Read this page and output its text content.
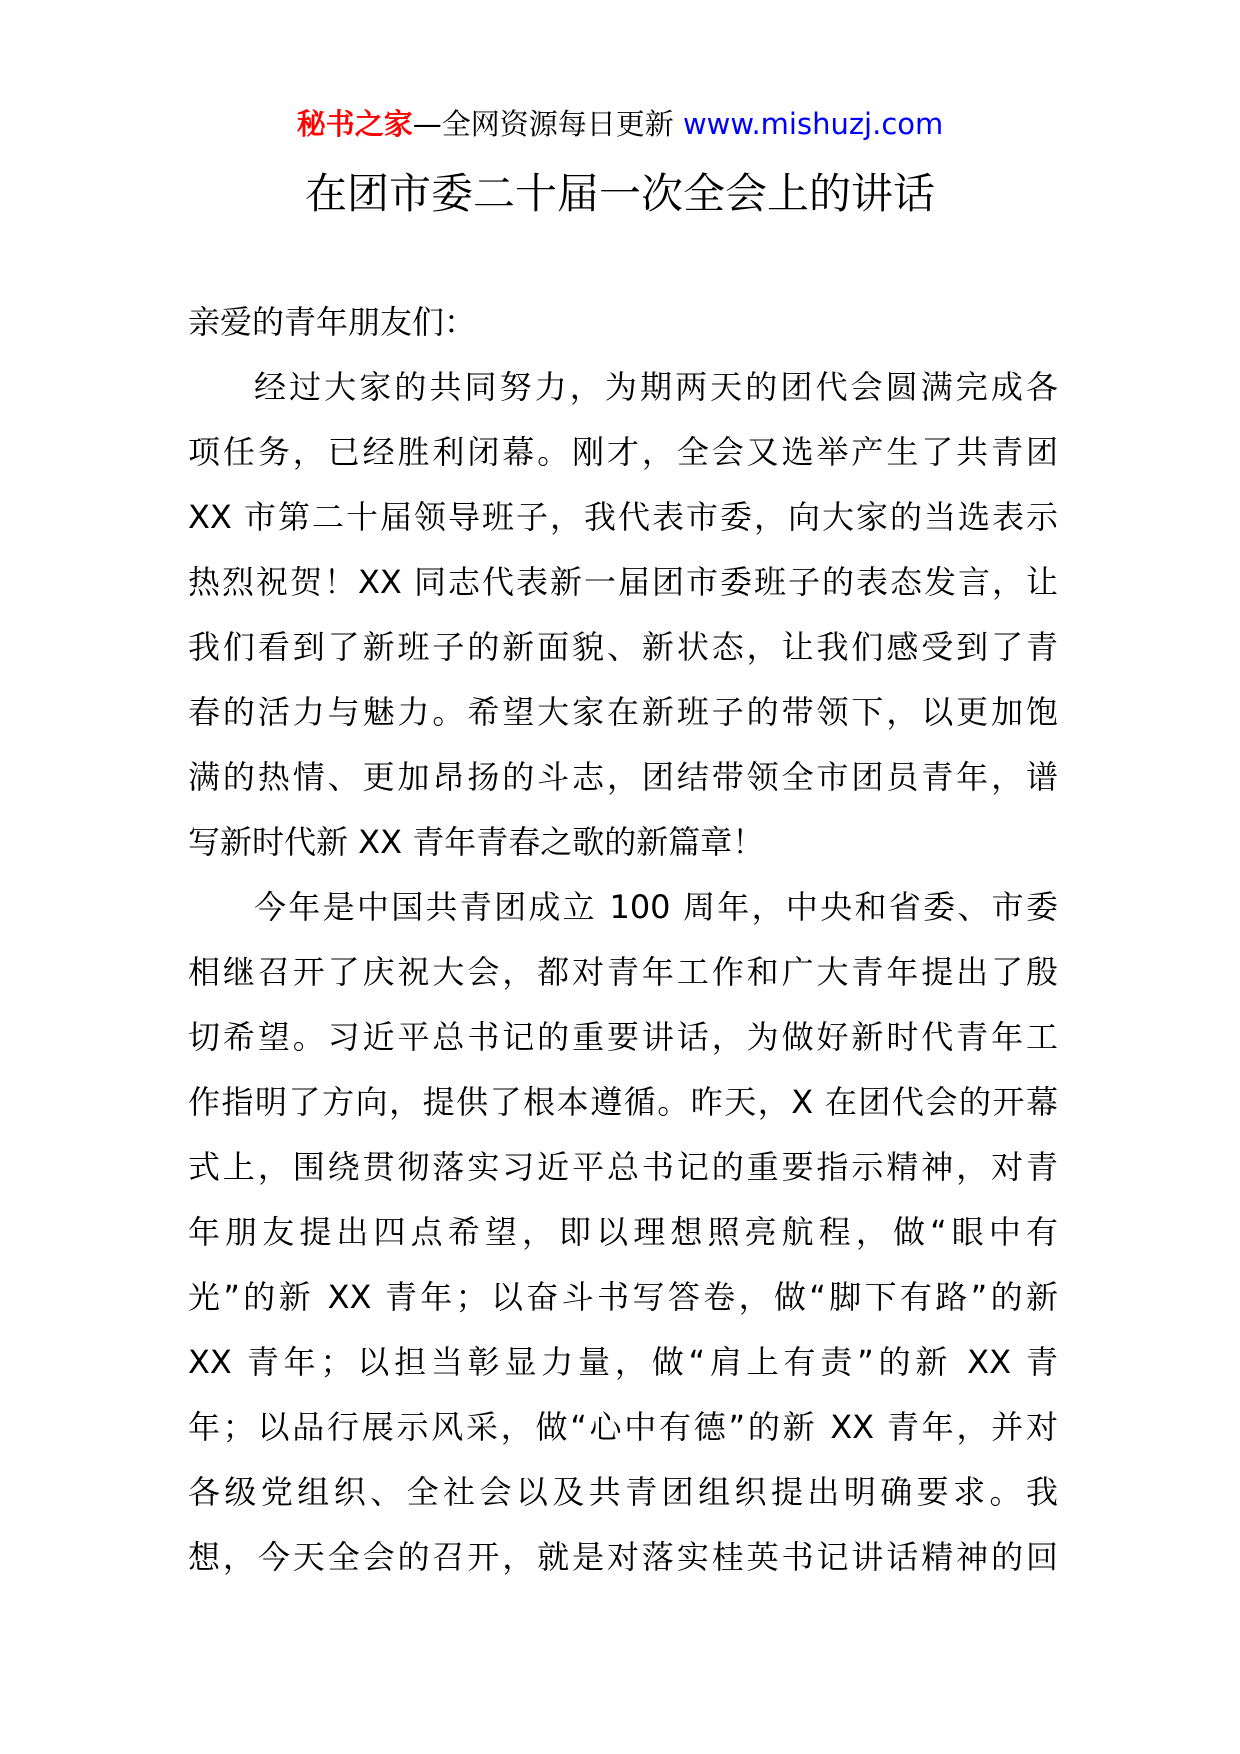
秘书之家—全网资源每日更新 www.mishuzj.com
在团市委二十届一次全会上的讲话
亲爱的青年朋友们：
经过大家的共同努力，为期两天的团代会圆满完成各
项任务，已经胜利闭幕。刚才，全会又选举产生了共青团
XX 市第二十届领导班子，我代表市委，向大家的当选表示
热烈祝贺！XX 同志代表新一届团市委班子的表态发言，让
我们看到了新班子的新面貌、新状态，让我们感受到了青
春的活力与魅力。希望大家在新班子的带领下，以更加饱
满的热情、更加昂扬的斗志，团结带领全市团员青年，谱
写新时代新 XX 青年青春之歌的新篇章！
今年是中国共青团成立 100 周年，中央和省委、市委
相继召开了庆祝大会，都对青年工作和广大青年提出了殷
切希望。习近平总书记的重要讲话，为做好新时代青年工
作指明了方向，提供了根本遵循。昨天，X 在团代会的开幕
式上，围绕贯彻落实习近平总书记的重要指示精神，对青
年朋友提出四点希望，即以理想照亮航程，做“眼中有
光”的新 XX 青年；以奋斗书写答卷，做“脚下有路”的新
XX 青年；以担当彰显力量，做“肩上有责”的新 XX 青
年；以品行展示风采，做“心中有德”的新 XX 青年，并对
各级党组织、全社会以及共青团组织提出明确要求。我
想，今天全会的召开，就是对落实桂英书记讲话精神的回
